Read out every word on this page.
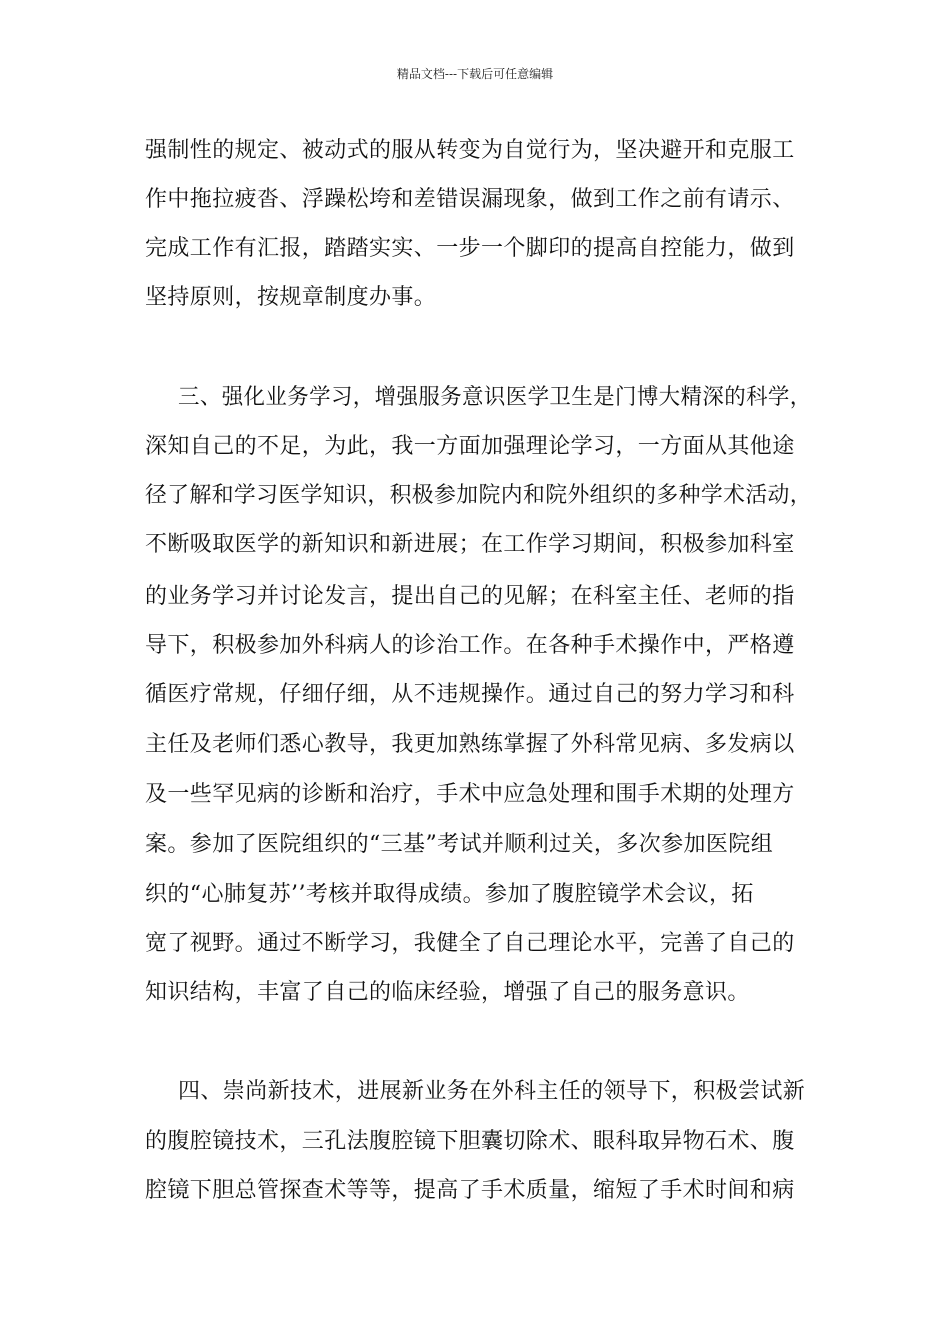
精品文档---下载后可任意编辑
强制性的规定、被动式的服从转变为自觉行为，坚决避开和克服工
作中拖拉疲沓、浮躁松垮和差错误漏现象，做到工作之前有请示、
完成工作有汇报，踏踏实实、一步一个脚印的提高自控能力，做到
坚持原则，按规章制度办事。
三、强化业务学习，增强服务意识医学卫生是门博大精深的科学，
深知自己的不足，为此，我一方面加强理论学习，一方面从其他途
径了解和学习医学知识，积极参加院内和院外组织的多种学术活动，
不断吸取医学的新知识和新进展；在工作学习期间，积极参加科室
的业务学习并讨论发言，提出自己的见解；在科室主任、老师的指
导下，积极参加外科病人的诊治工作。在各种手术操作中，严格遵
循医疗常规，仔细仔细，从不违规操作。通过自己的努力学习和科
主任及老师们悉心教导，我更加熟练掌握了外科常见病、多发病以
及一些罕见病的诊断和治疗，手术中应急处理和围手术期的处理方
案。参加了医院组织的“三基”考试并顺利过关，多次参加医院组
织的“心肺复苏’’考核并取得成绩。参加了腹腔镜学术会议，拓
宽了视野。通过不断学习，我健全了自己理论水平，完善了自己的
知识结构，丰富了自己的临床经验，增强了自己的服务意识。
四、崇尚新技术，进展新业务在外科主任的领导下，积极尝试新
的腹腔镜技术，三孔法腹腔镜下胆囊切除术、眼科取异物石术、腹
腔镜下胆总管探查术等等，提高了手术质量，缩短了手术时间和病
